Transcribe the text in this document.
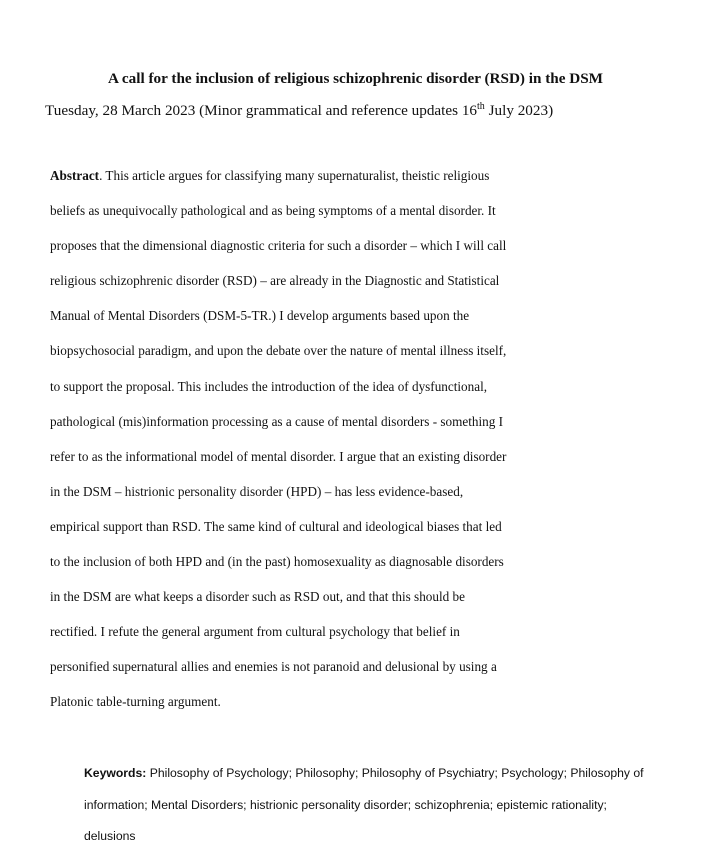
A call for the inclusion of religious schizophrenic disorder (RSD) in the DSM

Tuesday, 28 March 2023 (Minor grammatical and reference updates 16th July 2023)

Abstract. This article argues for classifying many supernaturalist, theistic religious
beliefs as unequivocally pathological and as being symptoms of a mental disorder. It
proposes that the dimensional diagnostic criteria for such a disorder – which I will call
religious schizophrenic disorder (RSD) – are already in the Diagnostic and Statistical
Manual of Mental Disorders (DSM-5-TR.) I develop arguments based upon the
biopsychosocial paradigm, and upon the debate over the nature of mental illness itself,
to support the proposal. This includes the introduction of the idea of dysfunctional,
pathological (mis)information processing as a cause of mental disorders - something I
refer to as the informational model of mental disorder. I argue that an existing disorder
in the DSM – histrionic personality disorder (HPD) – has less evidence-based,
empirical support than RSD. The same kind of cultural and ideological biases that led
to the inclusion of both HPD and (in the past) homosexuality as diagnosable disorders
in the DSM are what keeps a disorder such as RSD out, and that this should be
rectified. I refute the general argument from cultural psychology that belief in
personified supernatural allies and enemies is not paranoid and delusional by using a
Platonic table-turning argument.
Keywords: Philosophy of Psychology; Philosophy; Philosophy of Psychiatry; Psychology; Philosophy of
information; Mental Disorders; histrionic personality disorder; schizophrenia; epistemic rationality;
delusions
